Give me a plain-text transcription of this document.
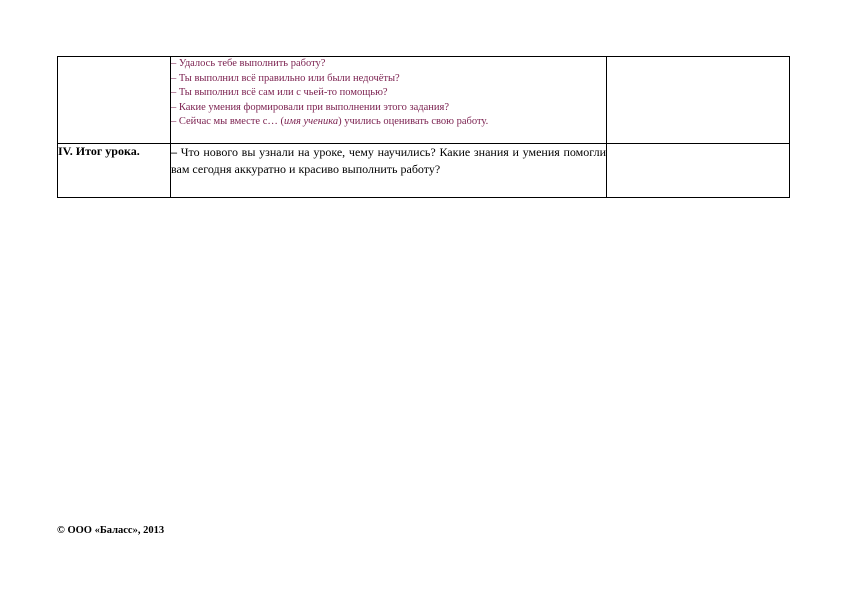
	– Удалось тебе выполнить работу?
– Ты выполнил всё правильно или были недочёты?
– Ты выполнил всё сам или с чьей-то помощью?
– Какие умения формировали при выполнении этого задания?
– Сейчас мы вместе с… (имя ученика) учились оценивать свою работу.	

IV. Итог урока.	– Что нового вы узнали на уроке, чему научились? Какие знания и умения помогли вам сегодня аккуратно и красиво выполнить работу?	

© ООО «Баласс», 2013
